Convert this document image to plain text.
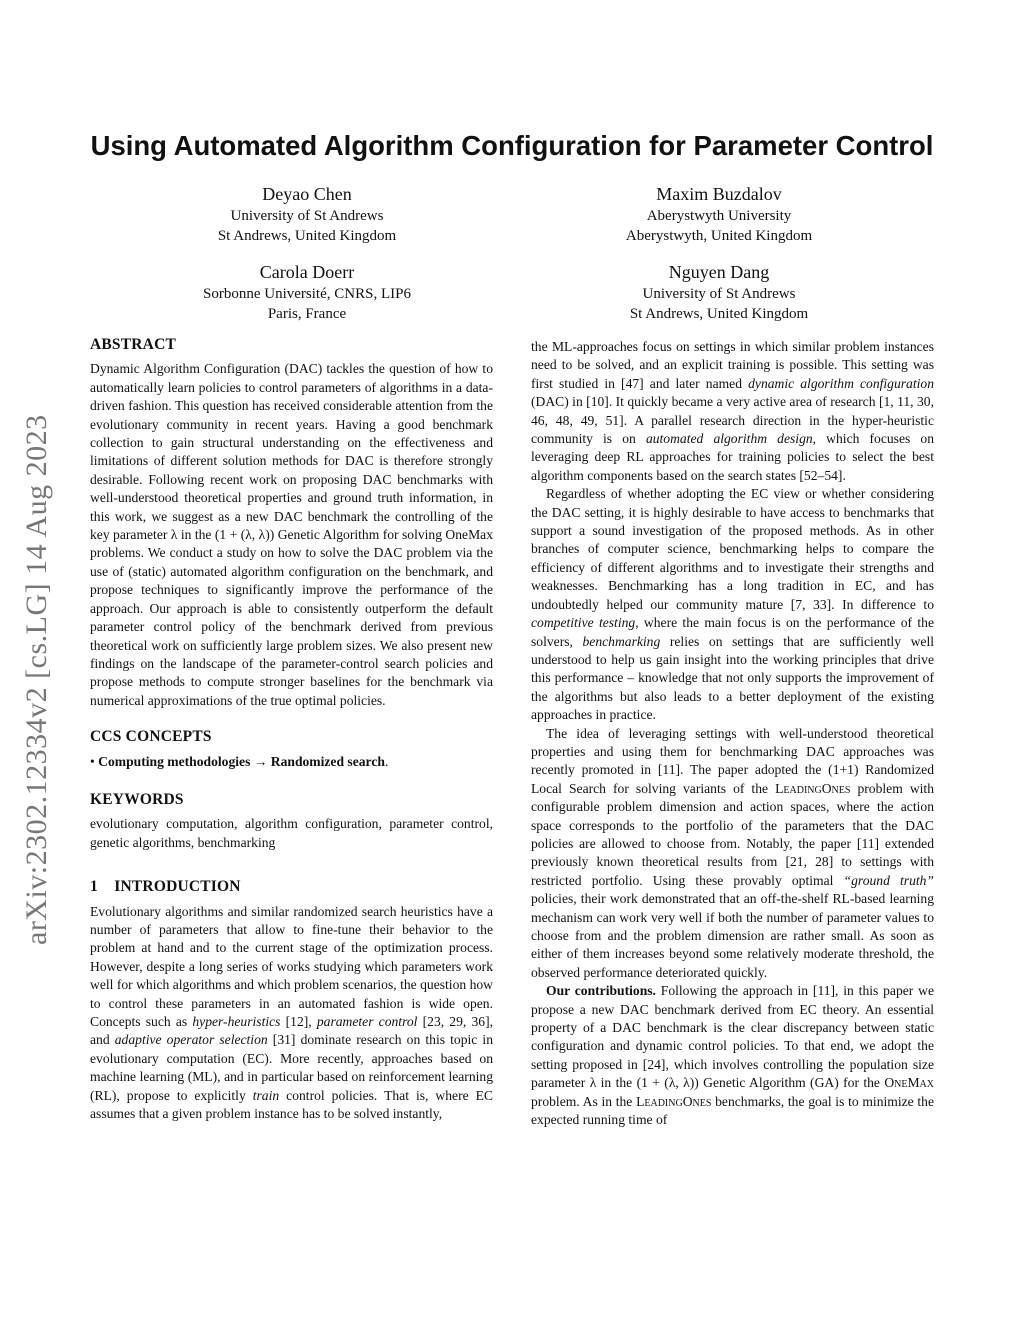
arXiv:2302.12334v2 [cs.LG] 14 Aug 2023
Using Automated Algorithm Configuration for Parameter Control
Deyao Chen
University of St Andrews
St Andrews, United Kingdom
Maxim Buzdalov
Aberystwyth University
Aberystwyth, United Kingdom
Carola Doerr
Sorbonne Université, CNRS, LIP6
Paris, France
Nguyen Dang
University of St Andrews
St Andrews, United Kingdom
ABSTRACT

Dynamic Algorithm Configuration (DAC) tackles the question of how to automatically learn policies to control parameters of algorithms in a data-driven fashion. This question has received considerable attention from the evolutionary community in recent years. Having a good benchmark collection to gain structural understanding on the effectiveness and limitations of different solution methods for DAC is therefore strongly desirable. Following recent work on proposing DAC benchmarks with well-understood theoretical properties and ground truth information, in this work, we suggest as a new DAC benchmark the controlling of the key parameter λ in the (1 + (λ, λ)) Genetic Algorithm for solving OneMax problems. We conduct a study on how to solve the DAC problem via the use of (static) automated algorithm configuration on the benchmark, and propose techniques to significantly improve the performance of the approach. Our approach is able to consistently outperform the default parameter control policy of the benchmark derived from previous theoretical work on sufficiently large problem sizes. We also present new findings on the landscape of the parameter-control search policies and propose methods to compute stronger baselines for the benchmark via numerical approximations of the true optimal policies.

CCS CONCEPTS

• Computing methodologies → Randomized search.

KEYWORDS

evolutionary computation, algorithm configuration, parameter control, genetic algorithms, benchmarking

1 INTRODUCTION

Evolutionary algorithms and similar randomized search heuristics have a number of parameters that allow to fine-tune their behavior to the problem at hand and to the current stage of the optimization process. However, despite a long series of works studying which parameters work well for which algorithms and which problem scenarios, the question how to control these parameters in an automated fashion is wide open. Concepts such as hyper-heuristics [12], parameter control [23, 29, 36], and adaptive operator selection [31] dominate research on this topic in evolutionary computation (EC). More recently, approaches based on machine learning (ML), and in particular based on reinforcement learning (RL), propose to explicitly train control policies. That is, where EC assumes that a given problem instance has to be solved instantly,

the ML-approaches focus on settings in which similar problem instances need to be solved, and an explicit training is possible. This setting was first studied in [47] and later named dynamic algorithm configuration (DAC) in [10]. It quickly became a very active area of research [1, 11, 30, 46, 48, 49, 51]. A parallel research direction in the hyper-heuristic community is on automated algorithm design, which focuses on leveraging deep RL approaches for training policies to select the best algorithm components based on the search states [52–54].

Regardless of whether adopting the EC view or whether considering the DAC setting, it is highly desirable to have access to benchmarks that support a sound investigation of the proposed methods. As in other branches of computer science, benchmarking helps to compare the efficiency of different algorithms and to investigate their strengths and weaknesses. Benchmarking has a long tradition in EC, and has undoubtedly helped our community mature [7, 33]. In difference to competitive testing, where the main focus is on the performance of the solvers, benchmarking relies on settings that are sufficiently well understood to help us gain insight into the working principles that drive this performance – knowledge that not only supports the improvement of the algorithms but also leads to a better deployment of the existing approaches in practice.

The idea of leveraging settings with well-understood theoretical properties and using them for benchmarking DAC approaches was recently promoted in [11]. The paper adopted the (1+1) Randomized Local Search for solving variants of the LeadingOnes problem with configurable problem dimension and action spaces, where the action space corresponds to the portfolio of the parameters that the DAC policies are allowed to choose from. Notably, the paper [11] extended previously known theoretical results from [21, 28] to settings with restricted portfolio. Using these provably optimal “ground truth” policies, their work demonstrated that an off-the-shelf RL-based learning mechanism can work very well if both the number of parameter values to choose from and the problem dimension are rather small. As soon as either of them increases beyond some relatively moderate threshold, the observed performance deteriorated quickly.

Our contributions. Following the approach in [11], in this paper we propose a new DAC benchmark derived from EC theory. An essential property of a DAC benchmark is the clear discrepancy between static configuration and dynamic control policies. To that end, we adopt the setting proposed in [24], which involves controlling the population size parameter λ in the (1 + (λ, λ)) Genetic Algorithm (GA) for the OneMax problem. As in the LeadingOnes benchmarks, the goal is to minimize the expected running time of
